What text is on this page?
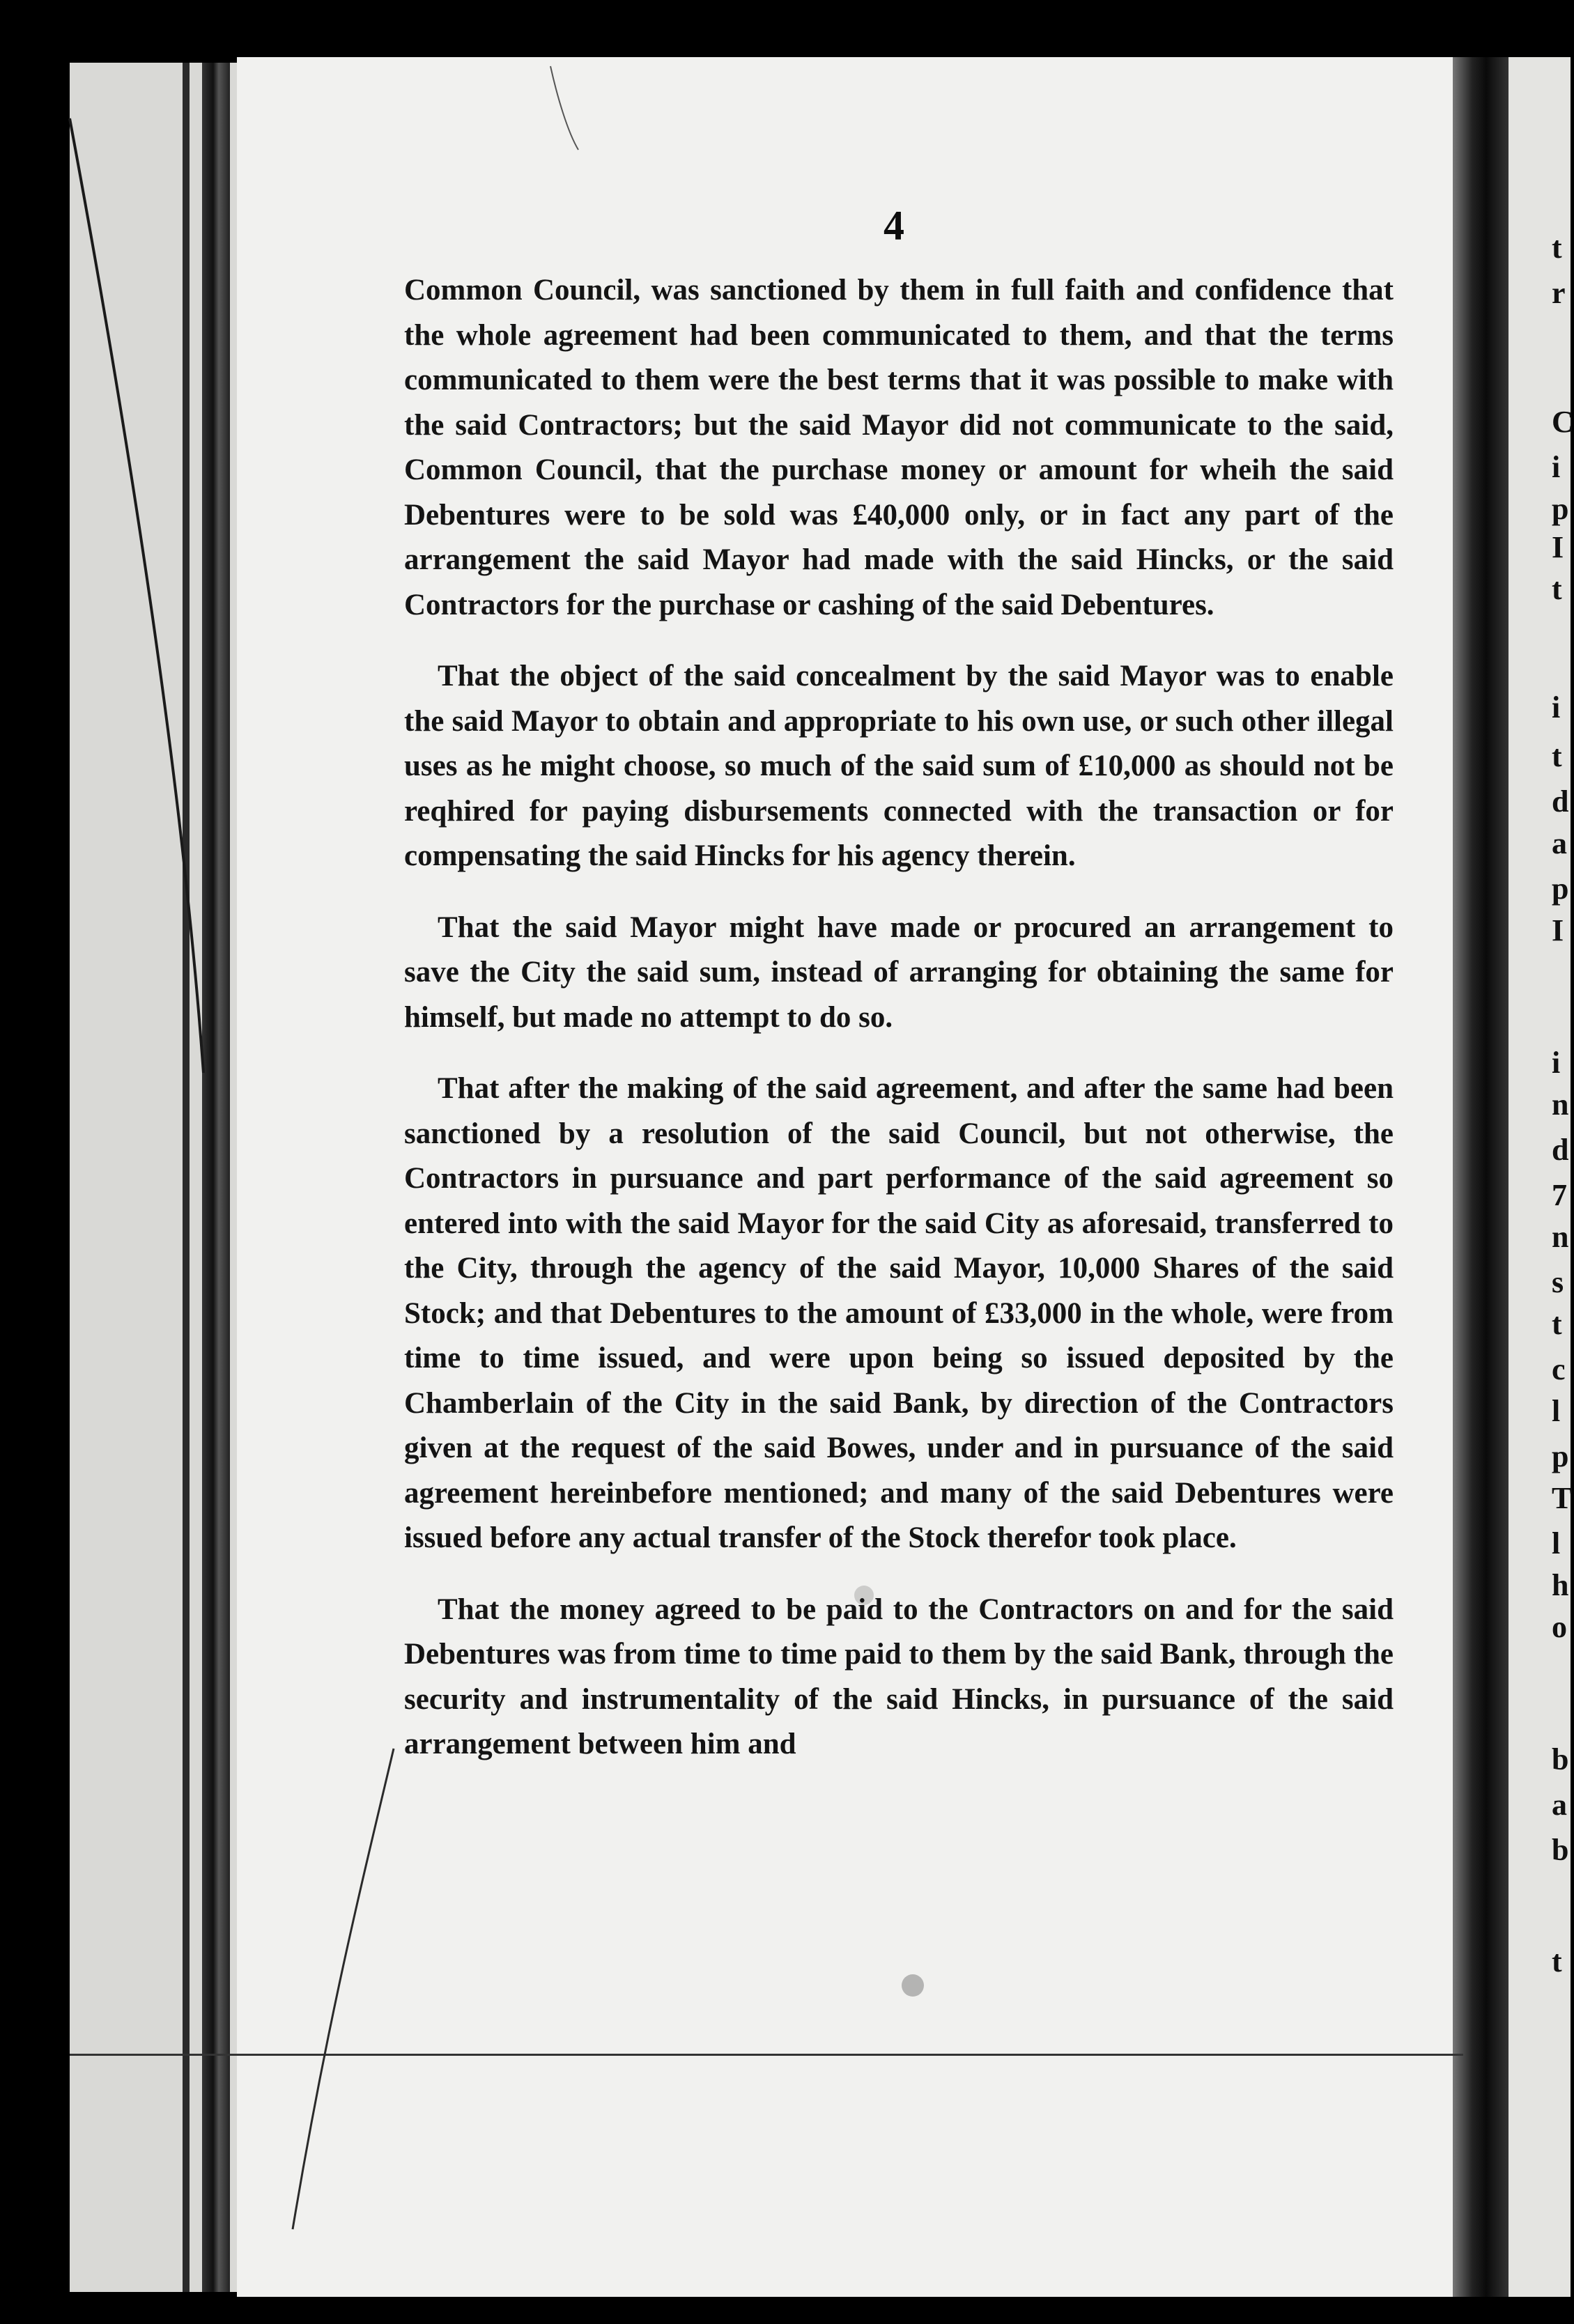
t
r
C
i
p
I
t
i
t
d
a
p
I
i
n
d
7
n
s
t
c
l
p
T
l
h
o
b
a
b
t
4

Common Council, was sanctioned by them in full faith and confidence that the whole agreement had been communicated to them, and that the terms communicated to them were the best terms that it was possible to make with the said Contractors; but the said Mayor did not communicate to the said, Common Council, that the purchase money or amount for wheih the said Debentures were to be sold was £40,000 only, or in fact any part of the arrangement the said Mayor had made with the said Hincks, or the said Contractors for the purchase or cashing of the said Debentures.

That the object of the said concealment by the said Mayor was to enable the said Mayor to obtain and appropriate to his own use, or such other illegal uses as he might choose, so much of the said sum of £10,000 as should not be reqhired for paying disbursements connected with the transaction or for compensating the said Hincks for his agency therein.

That the said Mayor might have made or procured an arrangement to save the City the said sum, instead of arranging for obtaining the same for himself, but made no attempt to do so.

That after the making of the said agreement, and after the same had been sanctioned by a resolution of the said Council, but not otherwise, the Contractors in pursuance and part performance of the said agreement so entered into with the said Mayor for the said City as aforesaid, transferred to the City, through the agency of the said Mayor, 10,000 Shares of the said Stock; and that Debentures to the amount of £33,000 in the whole, were from time to time issued, and were upon being so issued deposited by the Chamberlain of the City in the said Bank, by direction of the Contractors given at the request of the said Bowes, under and in pursuance of the said agreement hereinbefore mentioned; and many of the said Debentures were issued before any actual transfer of the Stock therefor took place.

That the money agreed to be paid to the Contractors on and for the said Debentures was from time to time paid to them by the said Bank, through the security and instrumentality of the said Hincks, in pursuance of the said arrangement between him and
